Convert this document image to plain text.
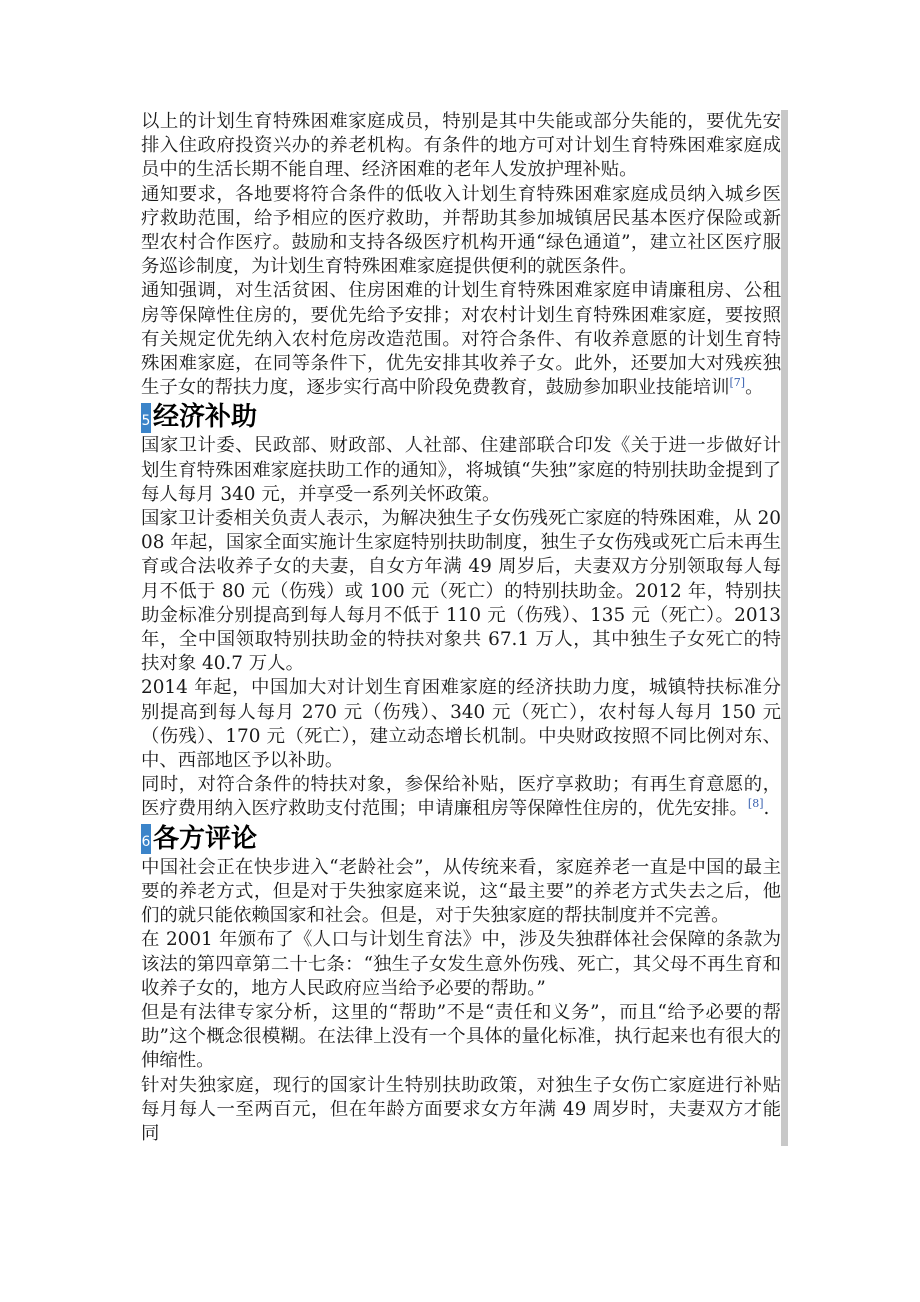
以上的计划生育特殊困难家庭成员，特别是其中失能或部分失能的，要优先安排入住政府投资兴办的养老机构。有条件的地方可对计划生育特殊困难家庭成员中的生活长期不能自理、经济困难的老年人发放护理补贴。

通知要求，各地要将符合条件的低收入计划生育特殊困难家庭成员纳入城乡医疗救助范围，给予相应的医疗救助，并帮助其参加城镇居民基本医疗保险或新型农村合作医疗。鼓励和支持各级医疗机构开通“绿色通道”，建立社区医疗服务巡诊制度，为计划生育特殊困难家庭提供便利的就医条件。

通知强调，对生活贫困、住房困难的计划生育特殊困难家庭申请廉租房、公租房等保障性住房的，要优先给予安排；对农村计划生育特殊困难家庭，要按照有关规定优先纳入农村危房改造范围。对符合条件、有收养意愿的计划生育特殊困难家庭，在同等条件下，优先安排其收养子女。此外，还要加大对残疾独生子女的帮扶力度，逐步实行高中阶段免费教育，鼓励参加职业技能培训[7]。

5经济补助

国家卫计委、民政部、财政部、人社部、住建部联合印发《关于进一步做好计划生育特殊困难家庭扶助工作的通知》，将城镇“失独”家庭的特别扶助金提到了每人每月 340 元，并享受一系列关怀政策。

国家卫计委相关负责人表示，为解决独生子女伤残死亡家庭的特殊困难，从 2008 年起，国家全面实施计生家庭特别扶助制度，独生子女伤残或死亡后未再生育或合法收养子女的夫妻，自女方年满 49 周岁后，夫妻双方分别领取每人每月不低于 80 元（伤残）或 100 元（死亡）的特别扶助金。2012 年，特别扶助金标准分别提高到每人每月不低于 110 元（伤残）、135 元（死亡）。2013 年，全中国领取特别扶助金的特扶对象共 67.1 万人，其中独生子女死亡的特扶对象 40.7 万人。

2014 年起，中国加大对计划生育困难家庭的经济扶助力度，城镇特扶标准分别提高到每人每月 270 元（伤残）、340 元（死亡），农村每人每月 150 元（伤残）、170 元（死亡），建立动态增长机制。中央财政按照不同比例对东、中、西部地区予以补助。

同时，对符合条件的特扶对象，参保给补贴，医疗享救助；有再生育意愿的，医疗费用纳入医疗救助支付范围；申请廉租房等保障性住房的，优先安排。[8].

6各方评论

中国社会正在快步进入“老龄社会”，从传统来看，家庭养老一直是中国的最主要的养老方式，但是对于失独家庭来说，这“最主要”的养老方式失去之后，他们的就只能依赖国家和社会。但是，对于失独家庭的帮扶制度并不完善。

在 2001 年颁布了《人口与计划生育法》中，涉及失独群体社会保障的条款为该法的第四章第二十七条：“独生子女发生意外伤残、死亡，其父母不再生育和收养子女的，地方人民政府应当给予必要的帮助。”

但是有法律专家分析，这里的“帮助”不是“责任和义务”，而且“给予必要的帮助”这个概念很模糊。在法律上没有一个具体的量化标准，执行起来也有很大的伸缩性。

针对失独家庭，现行的国家计生特别扶助政策，对独生子女伤亡家庭进行补贴每月每人一至两百元，但在年龄方面要求女方年满 49 周岁时，夫妻双方才能同
